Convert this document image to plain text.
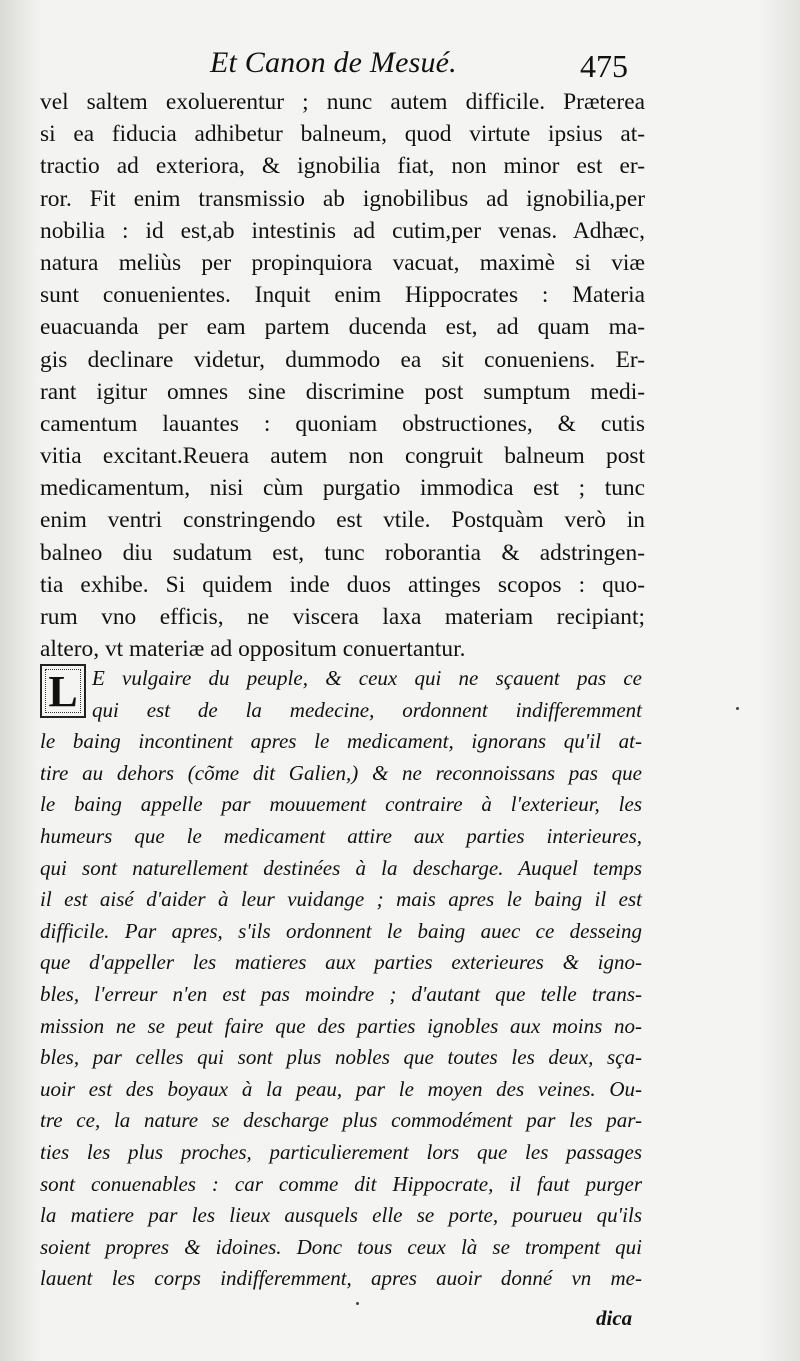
Et Canon de Mesué.	475
vel saltem exoluerentur ; nunc autem difficile. Præterea
si ea fiducia adhibetur balneum, quod virtute ipsius at-
tractio ad exteriora, & ignobilia fiat, non minor est er-
ror. Fit enim transmissio ab ignobilibus ad ignobilia,per
nobilia : id est,ab intestinis ad cutim,per venas. Adhæc,
natura meliùs per propinquiora vacuat, maximè si viæ
sunt conuenientes. Inquit enim Hippocrates : Materia
euacuanda per eam partem ducenda est, ad quam ma-
gis declinare videtur, dummodo ea sit conueniens. Er-
rant igitur omnes sine discrimine post sumptum medi-
camentum lauantes : quoniam obstructiones, & cutis
vitia excitant.Reuera autem non congruit balneum post
medicamentum, nisi cùm purgatio immodica est ; tunc
enim ventri constringendo est vtile. Postquàm verò in
balneo diu sudatum est, tunc roborantia & adstringen-
tia exhibe. Si quidem inde duos attinges scopos : quo-
rum vno efficis, ne viscera laxa materiam recipiant;
altero, vt materiæ ad oppositum conuertantur.
L E vulgaire du peuple, & ceux qui ne sçauent pas ce
qui est de la medecine, ordonnent indifferemment
le baing incontinent apres le medicament, ignorans qu'il at-
tire au dehors (cõme dit Galien,) & ne reconnoissans pas que
le baing appelle par mouuement contraire à l'exterieur, les
humeurs que le medicament attire aux parties interieures,
qui sont naturellement destinées à la descharge. Auquel temps
il est aisé d'aider à leur vuidange ; mais apres le baing il est
difficile. Par apres, s'ils ordonnent le baing auec ce desseing
que d'appeller les matieres aux parties exterieures & igno-
bles, l'erreur n'en est pas moindre ; d'autant que telle trans-
mission ne se peut faire que des parties ignobles aux moins no-
bles, par celles qui sont plus nobles que toutes les deux, sça-
uoir est des boyaux à la peau, par le moyen des veines. Ou-
tre ce, la nature se descharge plus commodément par les par-
ties les plus proches, particulierement lors que les passages
sont conuenables : car comme dit Hippocrate, il faut purger
la matiere par les lieux ausquels elle se porte, pourueu qu'ils
soient propres & idoines. Donc tous ceux là se trompent qui
lauent les corps indifferemment, apres auoir donné vn me-
dica
